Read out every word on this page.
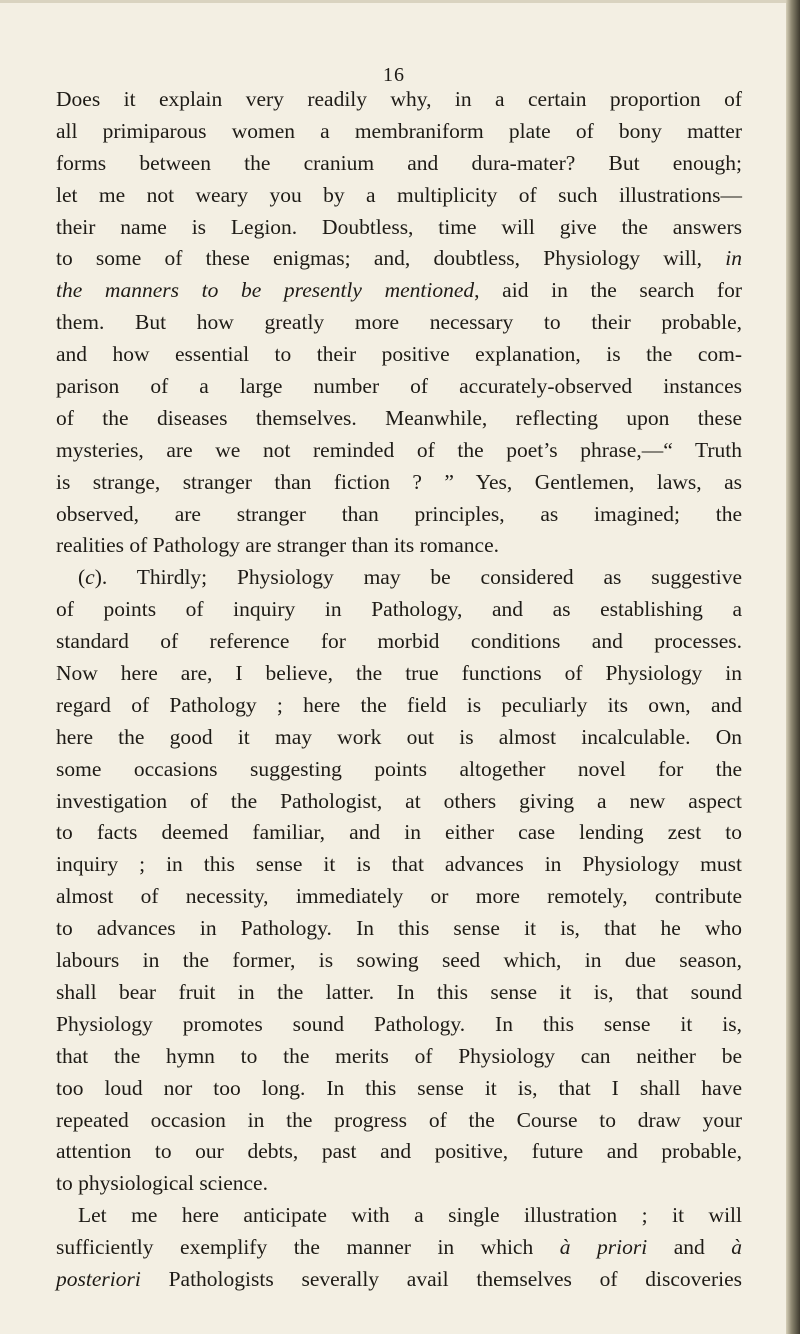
16
Does it explain very readily why, in a certain proportion of
all primiparous women a membraniform plate of bony matter
forms between the cranium and dura-mater? But enough;
let me not weary you by a multiplicity of such illustrations—
their name is Legion. Doubtless, time will give the answers
to some of these enigmas; and, doubtless, Physiology will, in
the manners to be presently mentioned, aid in the search for
them. But how greatly more necessary to their probable,
and how essential to their positive explanation, is the com-
parison of a large number of accurately-observed instances
of the diseases themselves. Meanwhile, reflecting upon these
mysteries, are we not reminded of the poet’s phrase,—“ Truth
is strange, stranger than fiction ? ” Yes, Gentlemen, laws, as
observed, are stranger than principles, as imagined; the
realities of Pathology are stranger than its romance.
(c). Thirdly; Physiology may be considered as suggestive
of points of inquiry in Pathology, and as establishing a
standard of reference for morbid conditions and processes.
Now here are, I believe, the true functions of Physiology in
regard of Pathology ; here the field is peculiarly its own, and
here the good it may work out is almost incalculable. On
some occasions suggesting points altogether novel for the
investigation of the Pathologist, at others giving a new aspect
to facts deemed familiar, and in either case lending zest to
inquiry ; in this sense it is that advances in Physiology must
almost of necessity, immediately or more remotely, contribute
to advances in Pathology. In this sense it is, that he who
labours in the former, is sowing seed which, in due season,
shall bear fruit in the latter. In this sense it is, that sound
Physiology promotes sound Pathology. In this sense it is,
that the hymn to the merits of Physiology can neither be
too loud nor too long. In this sense it is, that I shall have
repeated occasion in the progress of the Course to draw your
attention to our debts, past and positive, future and probable,
to physiological science.
Let me here anticipate with a single illustration ; it will
sufficiently exemplify the manner in which à priori and à
posteriori Pathologists severally avail themselves of discoveries
